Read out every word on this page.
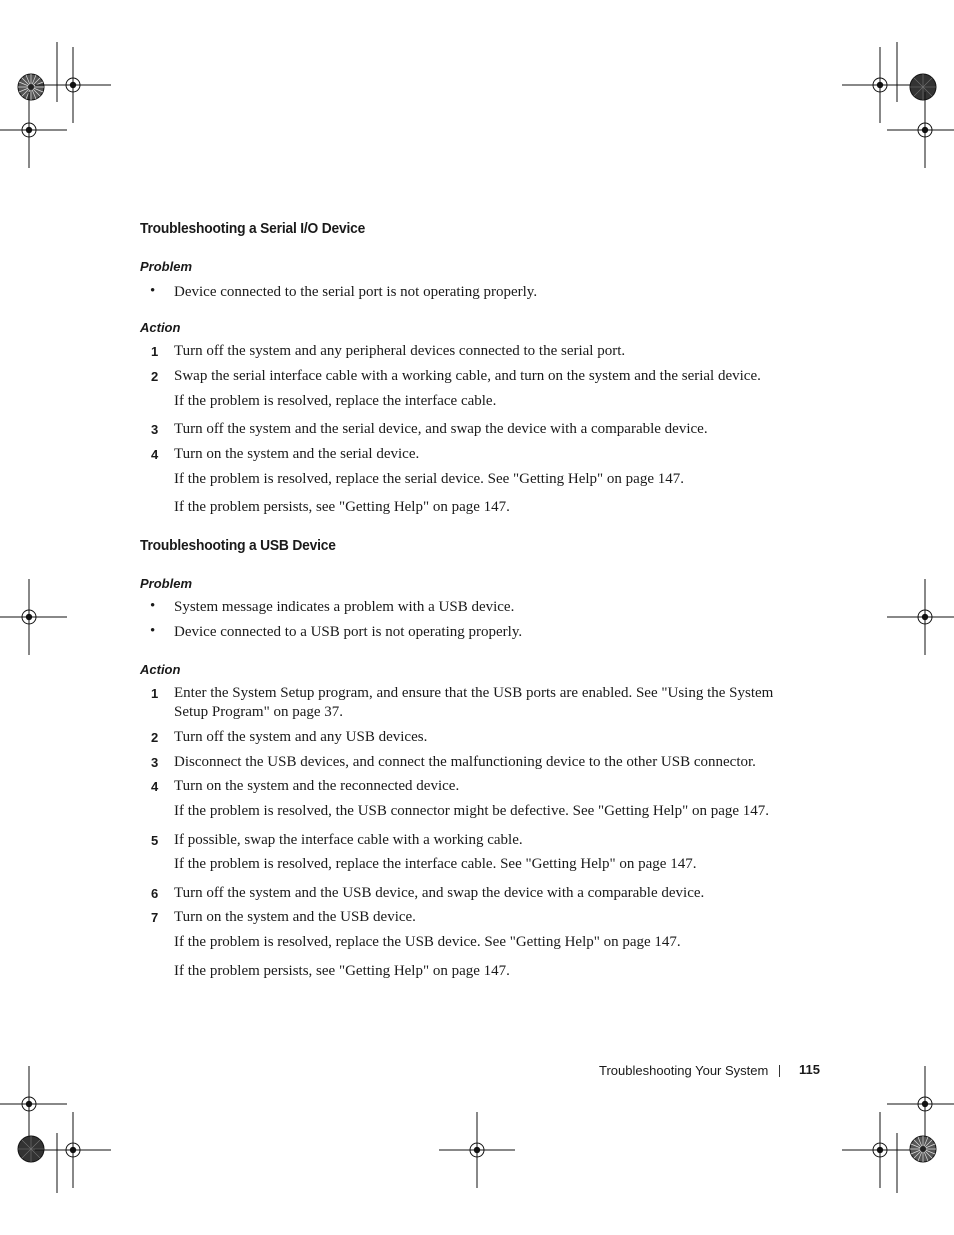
Troubleshooting a Serial I/O Device
Problem
• Device connected to the serial port is not operating properly.
Action
1	Turn off the system and any peripheral devices connected to the serial port.
2	Swap the serial interface cable with a working cable, and turn on the system and the serial device.
If the problem is resolved, replace the interface cable.
3	Turn off the system and the serial device, and swap the device with a comparable device.
4	Turn on the system and the serial device.
If the problem is resolved, replace the serial device. See "Getting Help" on page 147.
If the problem persists, see "Getting Help" on page 147.
Troubleshooting a USB Device
Problem
• System message indicates a problem with a USB device.
• Device connected to a USB port is not operating properly.
Action
1	Enter the System Setup program, and ensure that the USB ports are enabled. See "Using the System Setup Program" on page 37.
2	Turn off the system and any USB devices.
3	Disconnect the USB devices, and connect the malfunctioning device to the other USB connector.
4	Turn on the system and the reconnected device.
If the problem is resolved, the USB connector might be defective. See "Getting Help" on page 147.
5	If possible, swap the interface cable with a working cable.
If the problem is resolved, replace the interface cable. See "Getting Help" on page 147.
6	Turn off the system and the USB device, and swap the device with a comparable device.
7	Turn on the system and the USB device.
If the problem is resolved, replace the USB device. See "Getting Help" on page 147.
If the problem persists, see "Getting Help" on page 147.
Troubleshooting Your System 115
